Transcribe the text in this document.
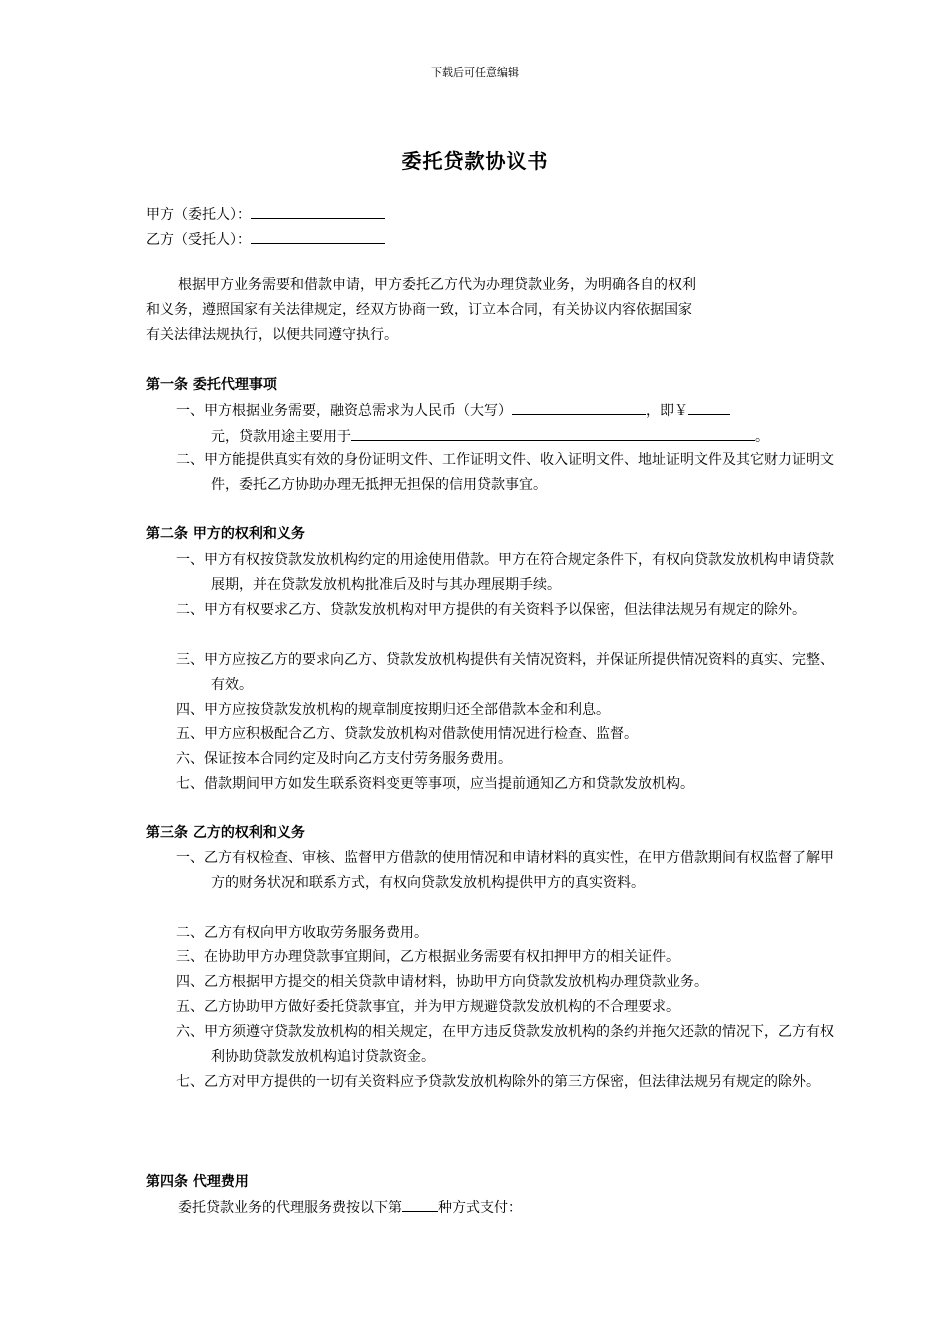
下载后可任意编辑
委托贷款协议书
甲方（委托人）：
乙方（受托人）：
根据甲方业务需要和借款申请，甲方委托乙方代为办理贷款业务，为明确各自的权利
和义务，遵照国家有关法律规定，经双方协商一致，订立本合同，有关协议内容依据国家
有关法律法规执行，以便共同遵守执行。
第一条 委托代理事项
一、甲方根据业务需要，融资总需求为人民币（大写）	，即￥
元，贷款用途主要用于	。
二、甲方能提供真实有效的身份证明文件、工作证明文件、收入证明文件、地址证明文件及其它财力证明文件，委托乙方协助办理无抵押无担保的信用贷款事宜。
第二条 甲方的权利和义务
一、甲方有权按贷款发放机构约定的用途使用借款。甲方在符合规定条件下，有权向贷款发放机构申请贷款展期，并在贷款发放机构批准后及时与其办理展期手续。
二、甲方有权要求乙方、贷款发放机构对甲方提供的有关资料予以保密，但法律法规另有规定的除外。
三、甲方应按乙方的要求向乙方、贷款发放机构提供有关情况资料，并保证所提供情况资料的真实、完整、有效。
四、甲方应按贷款发放机构的规章制度按期归还全部借款本金和利息。
五、甲方应积极配合乙方、贷款发放机构对借款使用情况进行检查、监督。
六、保证按本合同约定及时向乙方支付劳务服务费用。
七、借款期间甲方如发生联系资料变更等事项，应当提前通知乙方和贷款发放机构。
第三条 乙方的权利和义务
一、乙方有权检查、审核、监督甲方借款的使用情况和申请材料的真实性，在甲方借款期间有权监督了解甲方的财务状况和联系方式，有权向贷款发放机构提供甲方的真实资料。
二、乙方有权向甲方收取劳务服务费用。
三、在协助甲方办理贷款事宜期间，乙方根据业务需要有权扣押甲方的相关证件。
四、乙方根据甲方提交的相关贷款申请材料，协助甲方向贷款发放机构办理贷款业务。
五、乙方协助甲方做好委托贷款事宜，并为甲方规避贷款发放机构的不合理要求。
六、甲方须遵守贷款发放机构的相关规定，在甲方违反贷款发放机构的条约并拖欠还款的情况下，乙方有权利协助贷款发放机构追讨贷款资金。
七、乙方对甲方提供的一切有关资料应予贷款发放机构除外的第三方保密，但法律法规另有规定的除外。
第四条 代理费用
委托贷款业务的代理服务费按以下第	种方式支付：
